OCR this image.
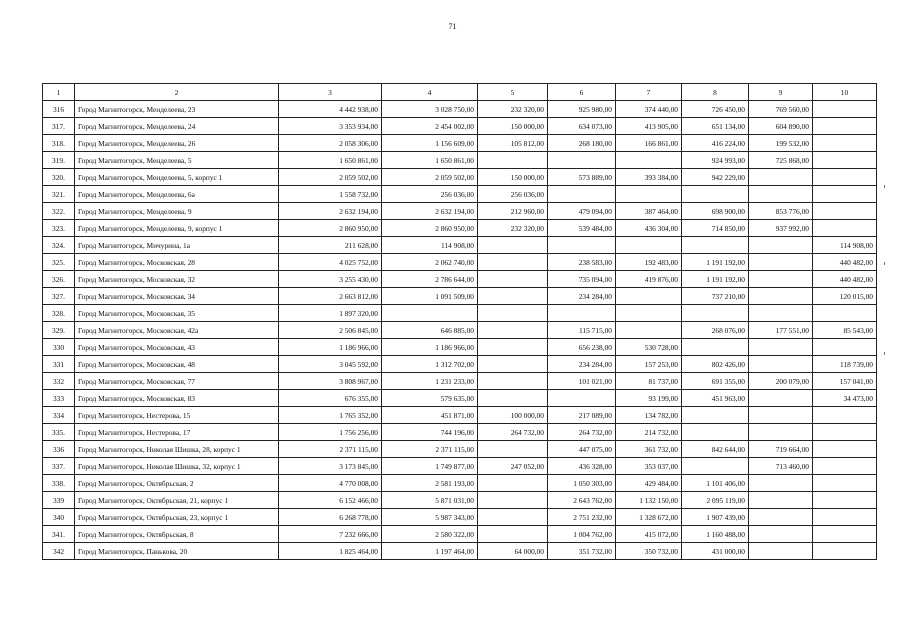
71
1	2	3	4	5	6	7	8	9	10
316	Город Магнитогорск, Менделеева, 23	4 442 938,00	3 028 750,00	232 320,00	925 980,00	374 440,00	726 450,00	769 560,00	
317.	Город Магнитогорск, Менделеева, 24	3 353 934,00	2 454 002,00	150 000,00	634 073,00	413 905,00	651 134,00	604 890,00	
318.	Город Магнитогорск, Менделеева, 26	2 058 306,00	1 156 609,00	105 812,00	268 180,00	166 861,00	416 224,00	199 532,00	
319.	Город Магнитогорск, Менделеева, 5	1 650 861,00	1 650 861,00				924 993,00	725 868,00	
320.	Город Магнитогорск, Менделеева, 5, корпус 1	2 059 502,00	2 059 502,00	150 000,00	573 889,00	393 384,00	942 229,00		
321.	Город Магнитогорск, Менделеева, 6а	1 558 732,00	256 036,00	256 036,00					
322.	Город Магнитогорск, Менделеева, 9	2 632 194,00	2 632 194,00	212 960,00	479 094,00	387 464,00	698 900,00	853 776,00	
323.	Город Магнитогорск, Менделеева, 9, корпус 1	2 860 950,00	2 860 950,00	232 320,00	539 484,00	436 304,00	714 850,00	937 992,00	
324.	Город Магнитогорск, Мичурина, 1а	211 628,00	114 908,00						114 908,00
325.	Город Магнитогорск, Московская, 28	4 025 752,00	2 062 740,00		238 583,00	192 483,00	1 191 192,00		440 482,00
326.	Город Магнитогорск, Московская, 32	3 255 430,00	2 786 644,00		735 094,00	419 876,00	1 191 192,00		440 482,00
327.	Город Магнитогорск, Московская, 34	2 663 812,00	1 091 509,00		234 284,00		737 210,00		120 015,00
328.	Город Магнитогорск, Московская, 35	1 897 320,00							
329.	Город Магнитогорск, Московская, 42а	2 506 845,00	646 885,00		115 715,00		268 076,00	177 551,00	85 543,00
330	Город Магнитогорск, Московская, 43	1 186 966,00	1 186 966,00		656 238,00	530 728,00			
331	Город Магнитогорск, Московская, 48	3 045 592,00	1 312 702,00		234 284,00	157 253,00	802 426,00		118 739,00
332	Город Магнитогорск, Московская, 77	3 808 967,00	1 231 233,00		101 021,00	81 737,00	691 355,00	200 079,00	157 041,00
333	Город Магнитогорск, Московская, 83	676 355,00	579 635,00			93 199,00	451 963,00		34 473,00
334	Город Магнитогорск, Нестерова, 15	1 765 352,00	451 871,00	100 000,00	217 089,00	134 782,00			
335.	Город Магнитогорск, Нестерова, 17	1 756 256,00	744 196,00	264 732,00	264 732,00	214 732,00			
336	Город Магнитогорск, Николая Шишка, 28, корпус 1	2 371 115,00	2 371 115,00		447 075,00	361 732,00	842 644,00	719 664,00	
337.	Город Магнитогорск, Николая Шишка, 32, корпус 1	3 173 845,00	1 749 877,00	247 052,00	436 328,00	353 037,00		713 460,00	
338.	Город Магнитогорск, Октябрьская, 2	4 770 008,00	2 581 193,00		1 050 303,00	429 484,00	1 101 406,00		
339	Город Магнитогорск, Октябрьская, 21, корпус 1	6 152 466,00	5 871 031,00		2 643 762,00	1 132 150,00	2 095 119,00		
340	Город Магнитогорск, Октябрьская, 23, корпус 1	6 268 778,00	5 987 343,00		2 751 232,00	1 328 672,00	1 907 439,00		
341.	Город Магнитогорск, Октябрьская, 8	7 232 666,00	2 580 322,00		1 004 762,00	415 072,00	1 160 488,00		
342	Город Магнитогорск, Панькова, 20	1 825 464,00	1 197 464,00	64 000,00	351 732,00	350 732,00	431 000,00		
